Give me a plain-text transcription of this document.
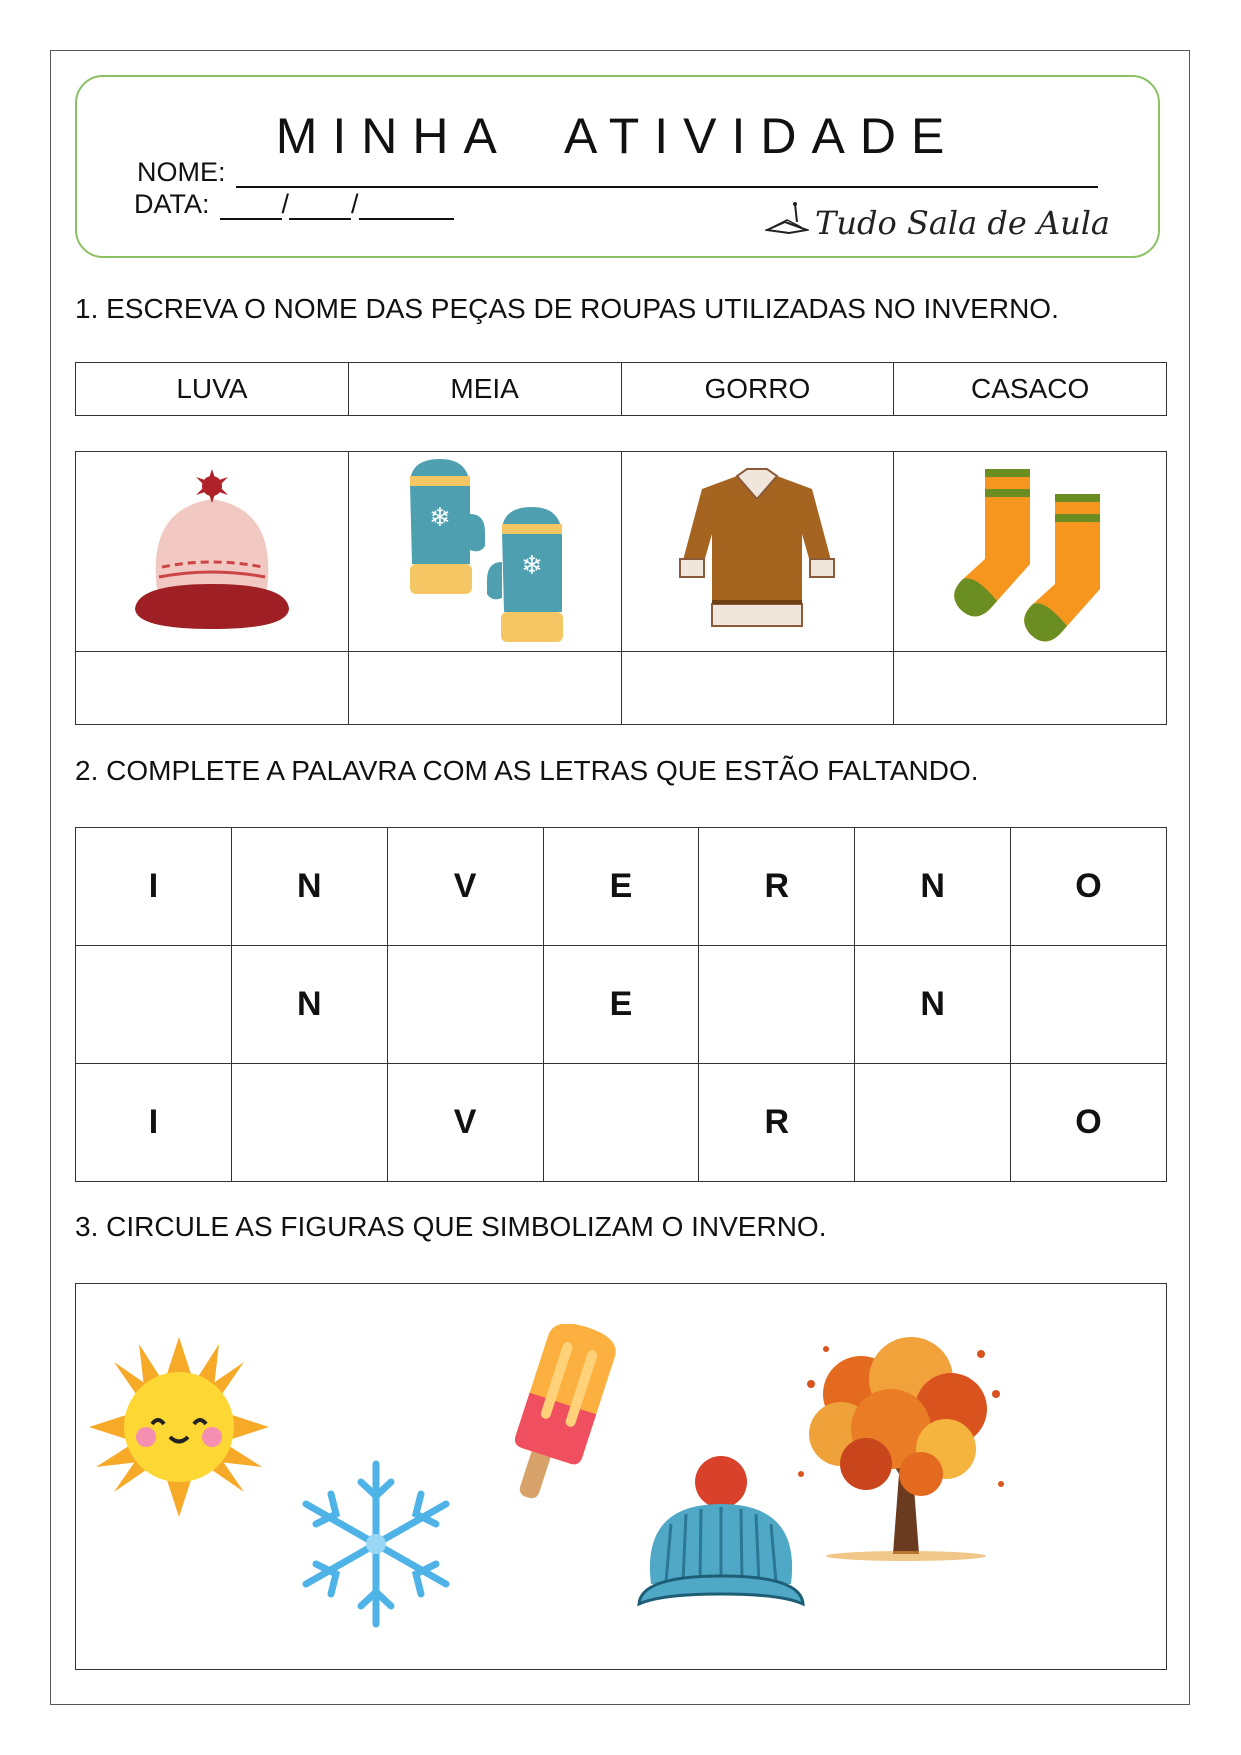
MINHA  ATIVIDADE
NOME:
DATA:	/ /	Tudo Sala de Aula
1. ESCREVA O NOME DAS PEÇAS DE ROUPAS UTILIZADAS NO INVERNO.
LUVA	MEIA	GORRO	CASACO

❄
❄

2. COMPLETE A PALAVRA COM AS LETRAS QUE ESTÃO FALTANDO.
I	N	V	E	R	N	O
	N		E		N	
I		V		R		O
3. CIRCULE AS FIGURAS QUE SIMBOLIZAM O INVERNO.
